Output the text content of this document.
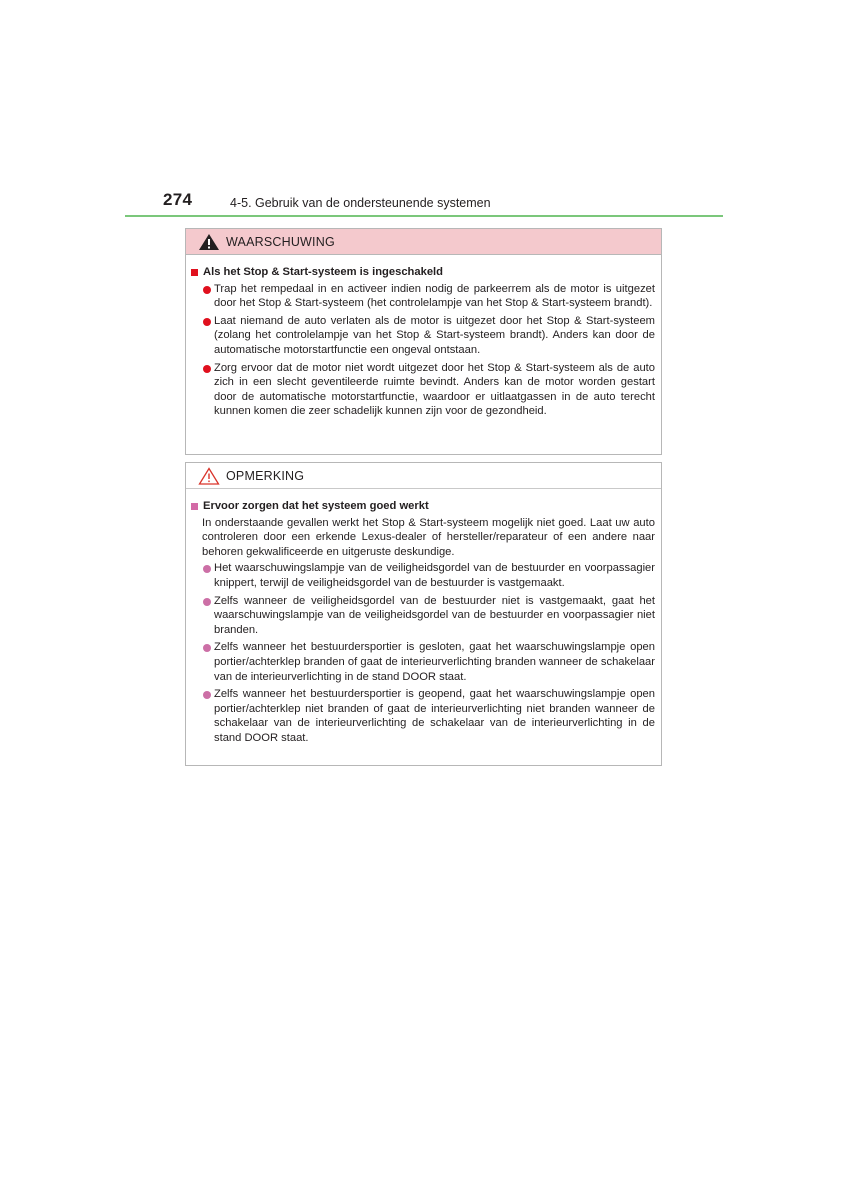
274	4-5. Gebruik van de ondersteunende systemen
WAARSCHUWING
Als het Stop & Start-systeem is ingeschakeld
Trap het rempedaal in en activeer indien nodig de parkeerrem als de motor is uitgezet door het Stop & Start-systeem (het controlelampje van het Stop & Start-systeem brandt).
Laat niemand de auto verlaten als de motor is uitgezet door het Stop & Start-systeem (zolang het controlelampje van het Stop & Start-systeem brandt). Anders kan door de automatische motorstartfunctie een ongeval ontstaan.
Zorg ervoor dat de motor niet wordt uitgezet door het Stop & Start-systeem als de auto zich in een slecht geventileerde ruimte bevindt. Anders kan de motor worden gestart door de automatische motorstartfunctie, waardoor er uitlaatgassen in de auto terecht kunnen komen die zeer schadelijk kunnen zijn voor de gezondheid.
OPMERKING
Ervoor zorgen dat het systeem goed werkt
In onderstaande gevallen werkt het Stop & Start-systeem mogelijk niet goed. Laat uw auto controleren door een erkende Lexus-dealer of hersteller/reparateur of een andere naar behoren gekwalificeerde en uitgeruste deskundige.
Het waarschuwingslampje van de veiligheidsgordel van de bestuurder en voorpassagier knippert, terwijl de veiligheidsgordel van de bestuurder is vastgemaakt.
Zelfs wanneer de veiligheidsgordel van de bestuurder niet is vastgemaakt, gaat het waarschuwingslampje van de veiligheidsgordel van de bestuurder en voorpassagier niet branden.
Zelfs wanneer het bestuurdersportier is gesloten, gaat het waarschuwingslampje open portier/achterklep branden of gaat de interieurverlichting branden wanneer de schakelaar van de interieurverlichting in de stand DOOR staat.
Zelfs wanneer het bestuurdersportier is geopend, gaat het waarschuwingslampje open portier/achterklep niet branden of gaat de interieurverlichting niet branden wanneer de schakelaar van de interieurverlichting de schakelaar van de interieurverlichting in de stand DOOR staat.
